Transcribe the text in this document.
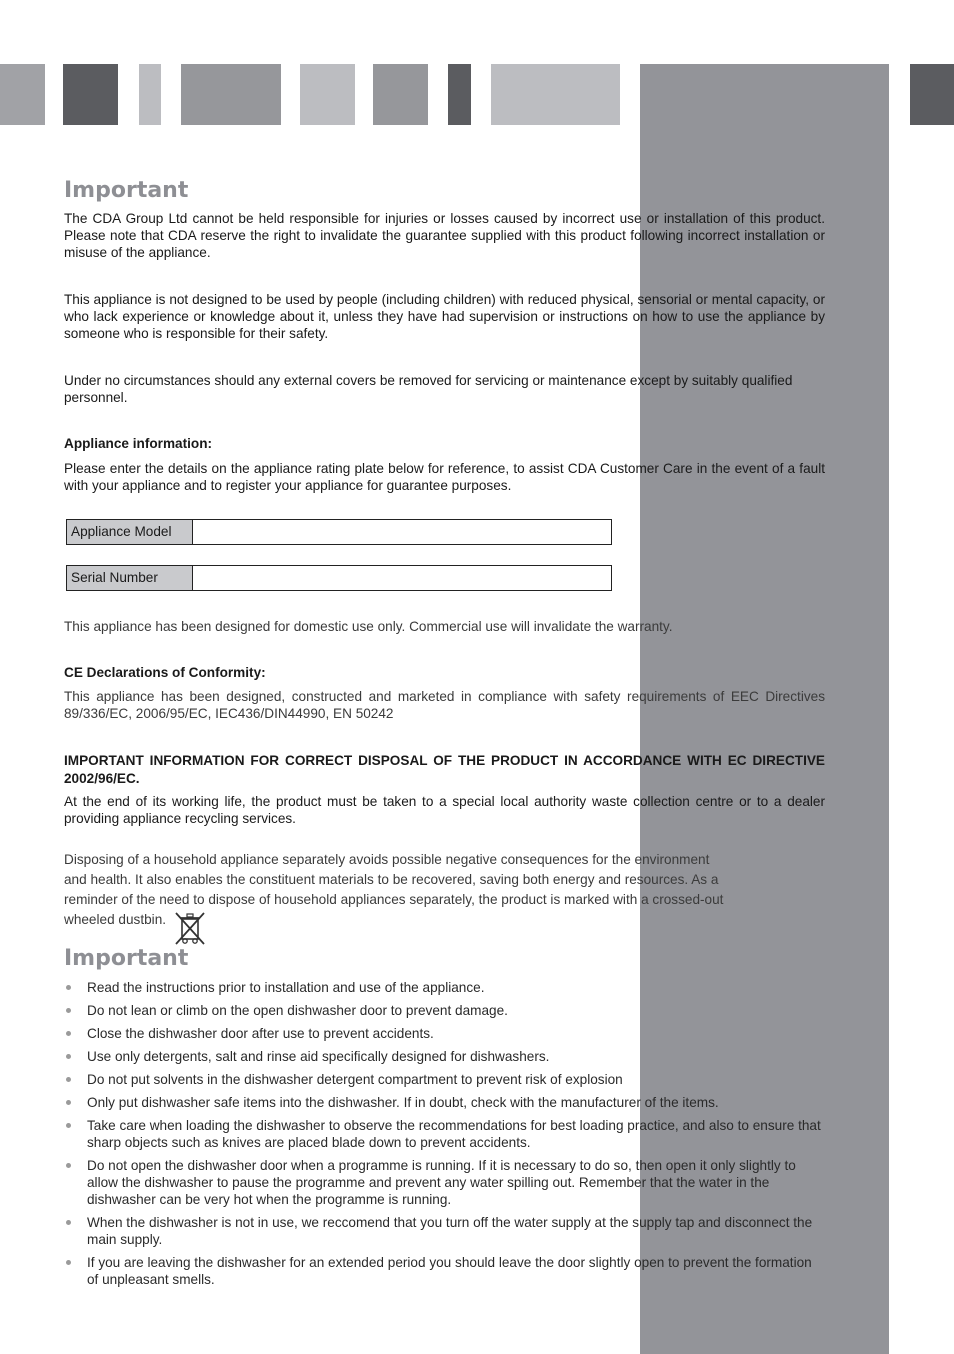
Important

The CDA Group Ltd cannot be held responsible for injuries or losses caused by incorrect use or installation of this product. Please note that CDA reserve the right to invalidate the guarantee supplied with this product following incorrect installation or misuse of the appliance.

This appliance is not designed to be used by people (including children) with reduced physical, sensorial or mental capacity, or who lack experience or knowledge about it, unless they have had supervision or instructions on how to use the appliance by someone who is responsible for their safety.

Under no circumstances should any external covers be removed for servicing or maintenance except by suitably qualified personnel.

Appliance information:

Please enter the details on the appliance rating plate below for reference, to assist CDA Customer Care in the event of a fault with your appliance and to register your appliance for guarantee purposes.

Appliance Model
Serial Number

This appliance has been designed for domestic use only. Commercial use will invalidate the warranty.

CE Declarations of Conformity:

This appliance has been designed, constructed and marketed in compliance with safety requirements of EEC Directives 89/336/EC, 2006/95/EC, IEC436/DIN44990, EN 50242

IMPORTANT INFORMATION FOR CORRECT DISPOSAL OF THE PRODUCT IN ACCORDANCE WITH EC DIRECTIVE 2002/96/EC.

At the end of its working life, the product must be taken to a special local authority waste collection centre or to a dealer providing appliance recycling services.

Disposing of a household appliance separately avoids possible negative consequences for the environment

and health. It also enables the constituent materials to be recovered, saving both energy and resources. As a

reminder of the need to dispose of household appliances separately, the product is marked with a crossed-out

wheeled dustbin.

Important
Read the instructions prior to installation and use of the appliance.
Do not lean or climb on the open dishwasher door to prevent damage.
Close the dishwasher door after use to prevent accidents.
Use only detergents, salt and rinse aid specifically designed for dishwashers.
Do not put solvents in the dishwasher detergent compartment to prevent risk of explosion
Only put dishwasher safe items into the dishwasher. If in doubt, check with the manufacturer of the items.
Take care when loading the dishwasher to observe the recommendations for best loading practice, and also to ensure that sharp objects such as knives are placed blade down to prevent accidents.
Do not open the dishwasher door when a programme is running. If it is necessary to do so, then open it only slightly to allow the dishwasher to pause the programme and prevent any water spilling out. Remember that the water in the dishwasher can be very hot when the programme is running.
When the dishwasher is not in use, we reccomend that you turn off the water supply at the supply tap and disconnect the main supply.
If you are leaving the dishwasher for an extended period you should leave the door slightly open to prevent the formation of unpleasant smells.
